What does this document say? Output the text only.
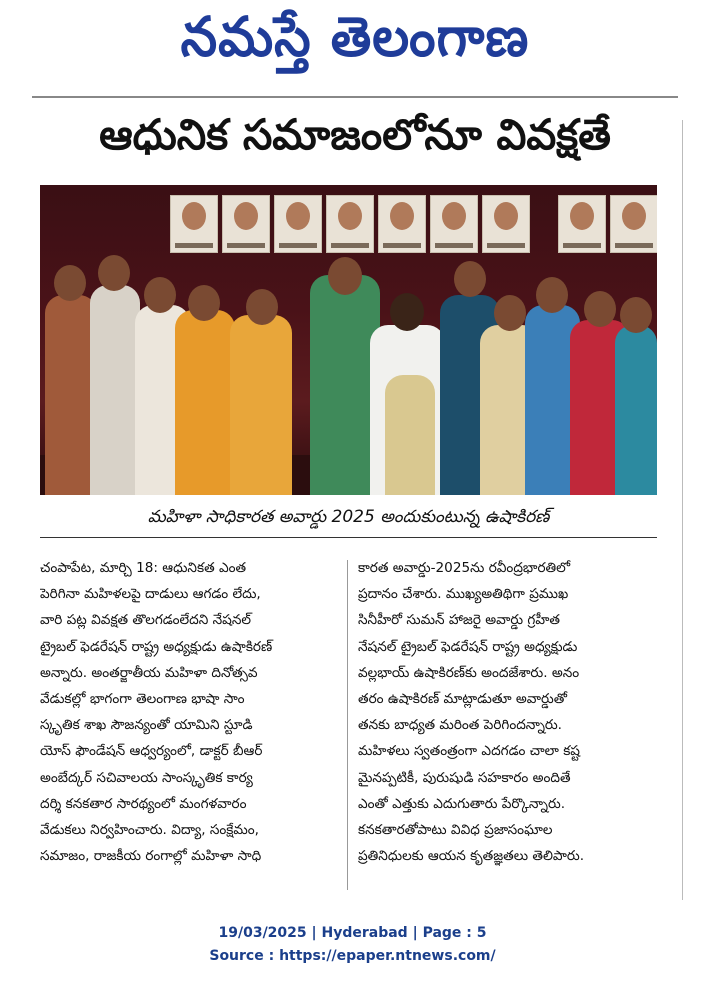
నమస్తే తెలంగాణ
ఆధునిక సమాజంలోనూ వివక్షతే
మహిళా సాధికారత అవార్డు 2025 అందుకుంటున్న ఉషాకిరణ్
చంపాపేట, మార్చి 18: ఆధునికత ఎంత
పెరిగినా మహిళలపై దాడులు ఆగడం లేదు,
వారి పట్ల వివక్షత తొలగడంలేదని నేషనల్
ట్రైబల్ ఫెడరేషన్ రాష్ట్ర అధ్యక్షుడు ఉషాకిరణ్
అన్నారు. అంతర్జాతీయ మహిళా దినోత్సవ
వేడుకల్లో భాగంగా తెలంగాణ భాషా సాం
స్కృతిక శాఖ సౌజన్యంతో యామిని స్టూడి
యోస్ ఫౌండేషన్ ఆధ్వర్యంలో, డాక్టర్ బీఆర్
అంబేద్కర్ సచివాలయ సాంస్కృతిక కార్య
దర్శి కనకతార సారథ్యంలో మంగళవారం
వేడుకలు నిర్వహించారు. విద్యా, సంక్షేమం,
సమాజం, రాజకీయ రంగాల్లో మహిళా సాధి
కారత అవార్డు-2025ను రవీంద్రభారతిలో
ప్రదానం చేశారు. ముఖ్యఅతిథిగా ప్రముఖ
సినీహీరో సుమన్ హాజరై అవార్డు గ్రహీత
నేషనల్ ట్రైబల్ ఫెడరేషన్ రాష్ట్ర అధ్యక్షుడు
వల్లభాయ్ ఉషాకిరణ్‌కు అందజేశారు. అనం
తరం ఉషాకిరణ్ మాట్లాడుతూ అవార్డుతో
తనకు బాధ్యత మరింత పెరిగిందన్నారు.
మహిళలు స్వతంత్రంగా ఎదగడం చాలా కష్ట
మైనప్పటికీ, పురుషుడి సహకారం అందితే
ఎంతో ఎత్తుకు ఎదుగుతారు పేర్కొన్నారు.
కనకతారతోపాటు వివిధ ప్రజాసంఘాల
ప్రతినిధులకు ఆయన కృతజ్ఞతలు తెలిపారు.
19/03/2025 | Hyderabad | Page : 5
Source : https://epaper.ntnews.com/
